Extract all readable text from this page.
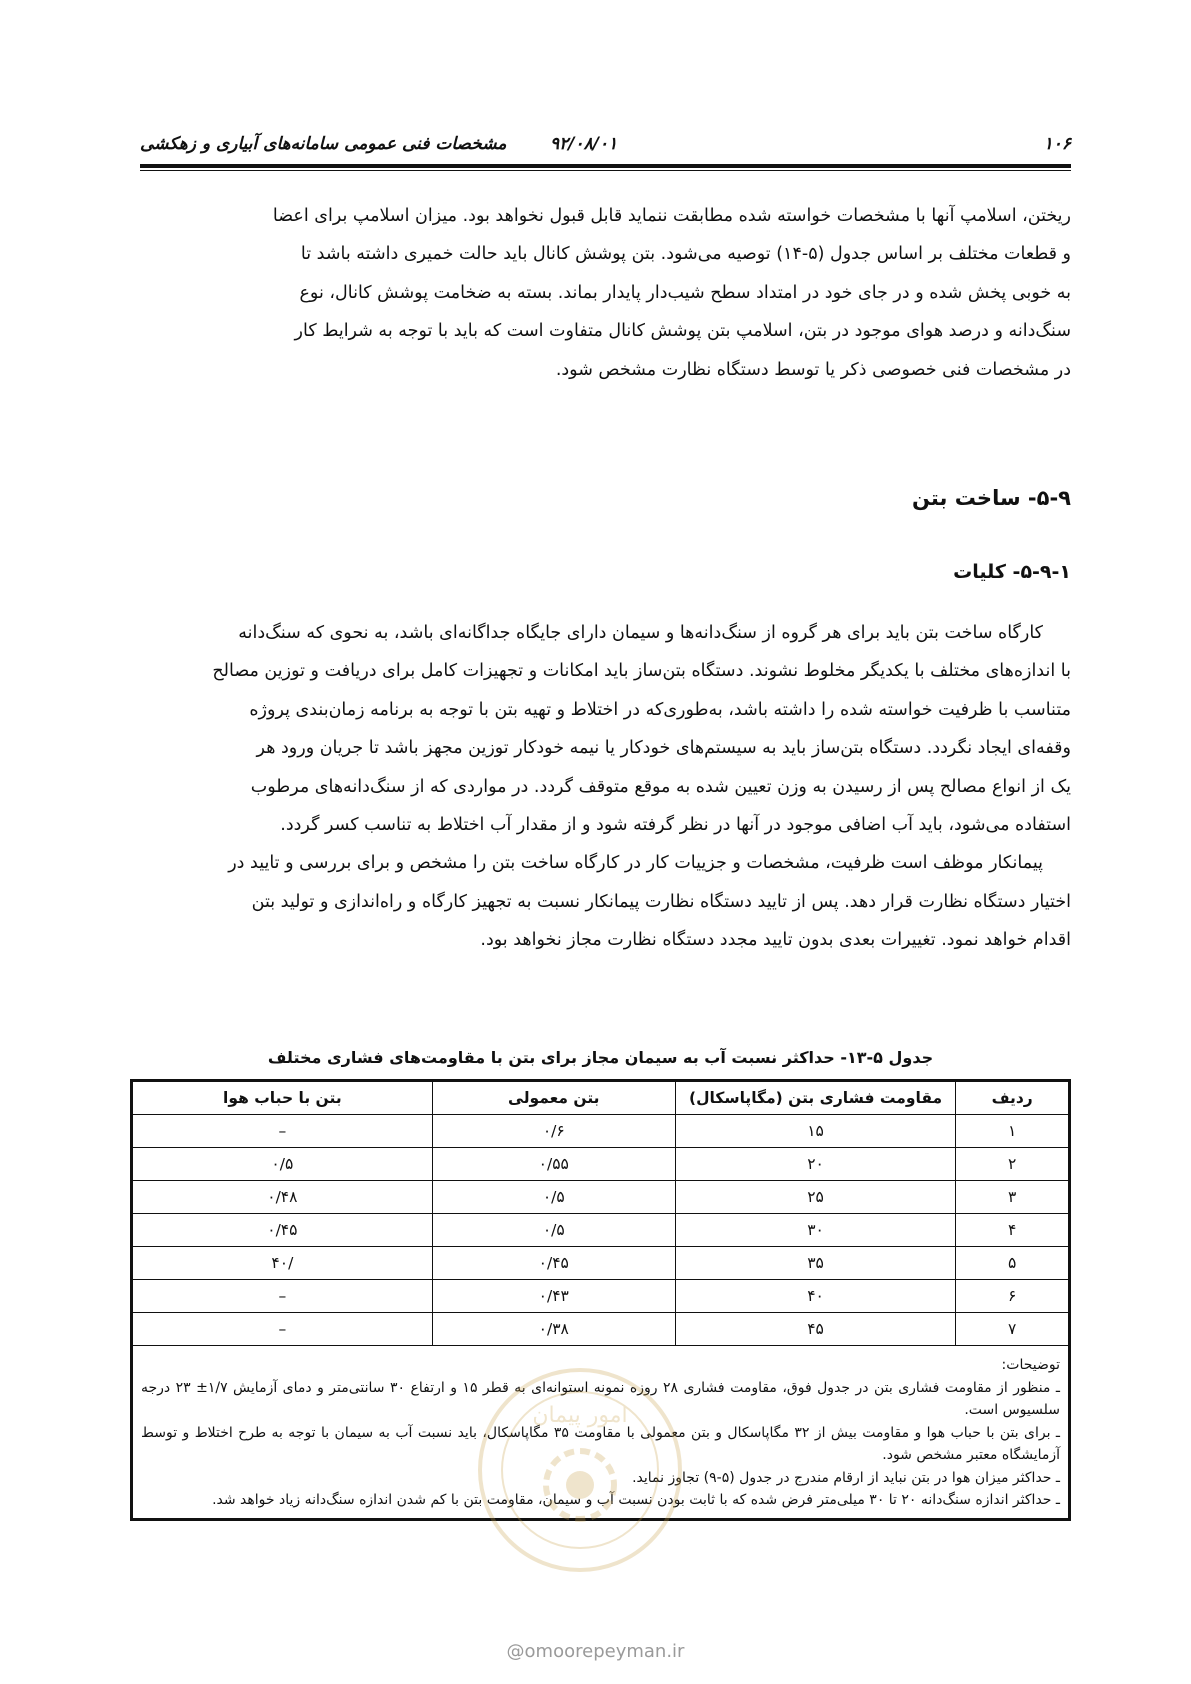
۱۰۶
۹۲/۰۸/۰۱
مشخصات فنی عمومی سامانه‌های آبیاری و زهکشی

ریختن، اسلامپ آنها با مشخصات خواسته شده مطابقت ننماید قابل قبول نخواهد بود. میزان اسلامپ برای اعضا

و قطعات مختلف بر اساس جدول (۵-۱۴) توصیه می‌شود. بتن پوشش کانال باید حالت خمیری داشته باشد تا

به خوبی پخش شده و در جای خود در امتداد سطح شیب‌دار پایدار بماند. بسته به ضخامت پوشش کانال، نوع

سنگ‌دانه و درصد هوای موجود در بتن، اسلامپ بتن پوشش کانال متفاوت است که باید با توجه به شرایط کار

در مشخصات فنی خصوصی ذکر یا توسط دستگاه نظارت مشخص شود.

۵-۹- ساخت بتن
۵-۹-۱- کلیات

کارگاه ساخت بتن باید برای هر گروه از سنگ‌دانه‌ها و سیمان دارای جایگاه جداگانه‌ای باشد، به نحوی که سنگ‌دانه

با اندازه‌های مختلف با یکدیگر مخلوط نشوند. دستگاه بتن‌ساز باید امکانات و تجهیزات کامل برای دریافت و توزین مصالح

متناسب با ظرفیت خواسته شده را داشته باشد، به‌طوری‌که در اختلاط و تهیه بتن با توجه به برنامه زمان‌بندی پروژه

وقفه‌ای ایجاد نگردد. دستگاه بتن‌ساز باید به سیستم‌های خودکار یا نیمه خودکار توزین مجهز باشد تا جریان ورود هر

یک از انواع مصالح پس از رسیدن به وزن تعیین شده به موقع متوقف گردد. در مواردی که از سنگ‌دانه‌های مرطوب

استفاده می‌شود، باید آب اضافی موجود در آنها در نظر گرفته شود و از مقدار آب اختلاط به تناسب کسر گردد.

پیمانکار موظف است ظرفیت، مشخصات و جزییات کار در کارگاه ساخت بتن را مشخص و برای بررسی و تایید در

اختیار دستگاه نظارت قرار دهد. پس از تایید دستگاه نظارت پیمانکار نسبت به تجهیز کارگاه و راه‌اندازی و تولید بتن

اقدام خواهد نمود. تغییرات بعدی بدون تایید مجدد دستگاه نظارت مجاز نخواهد بود.

جدول ۵-۱۳- حداکثر نسبت آب به سیمان مجاز برای بتن با مقاومت‌های فشاری مختلف
ردیف	مقاومت فشاری بتن (مگاپاسکال)	بتن معمولی	بتن با حباب هوا
۱	۱۵	۰/۶	–
۲	۲۰	۰/۵۵	۰/۵
۳	۲۵	۰/۵	۰/۴۸
۴	۳۰	۰/۵	۰/۴۵
۵	۳۵	۰/۴۵	/۴۰
۶	۴۰	۰/۴۳	–
۷	۴۵	۰/۳۸	–
توضیحات:
ـ منظور از مقاومت فشاری بتن در جدول فوق، مقاومت فشاری ۲۸ روزه نمونه استوانه‌ای به قطر ۱۵ و ارتفاع ۳۰ سانتی‌متر و دمای آزمایش ۱/۷± ۲۳ درجه سلسیوس است.
ـ برای بتن با حباب هوا و مقاومت بیش از ۳۲ مگاپاسکال و بتن معمولی با مقاومت ۳۵ مگاپاسکال، باید نسبت آب به سیمان با توجه به طرح اختلاط و توسط آزمایشگاه معتبر مشخص شود.
ـ حداکثر میزان هوا در بتن نباید از ارقام مندرج در جدول (۵-۹) تجاوز نماید.
ـ حداکثر اندازه سنگ‌دانه ۲۰ تا ۳۰ میلی‌متر فرض شده که با ثابت بودن نسبت آب و سیمان، مقاومت بتن با کم شدن اندازه سنگ‌دانه زیاد خواهد شد.
امور پیمان
@omoorepeyman.ir
